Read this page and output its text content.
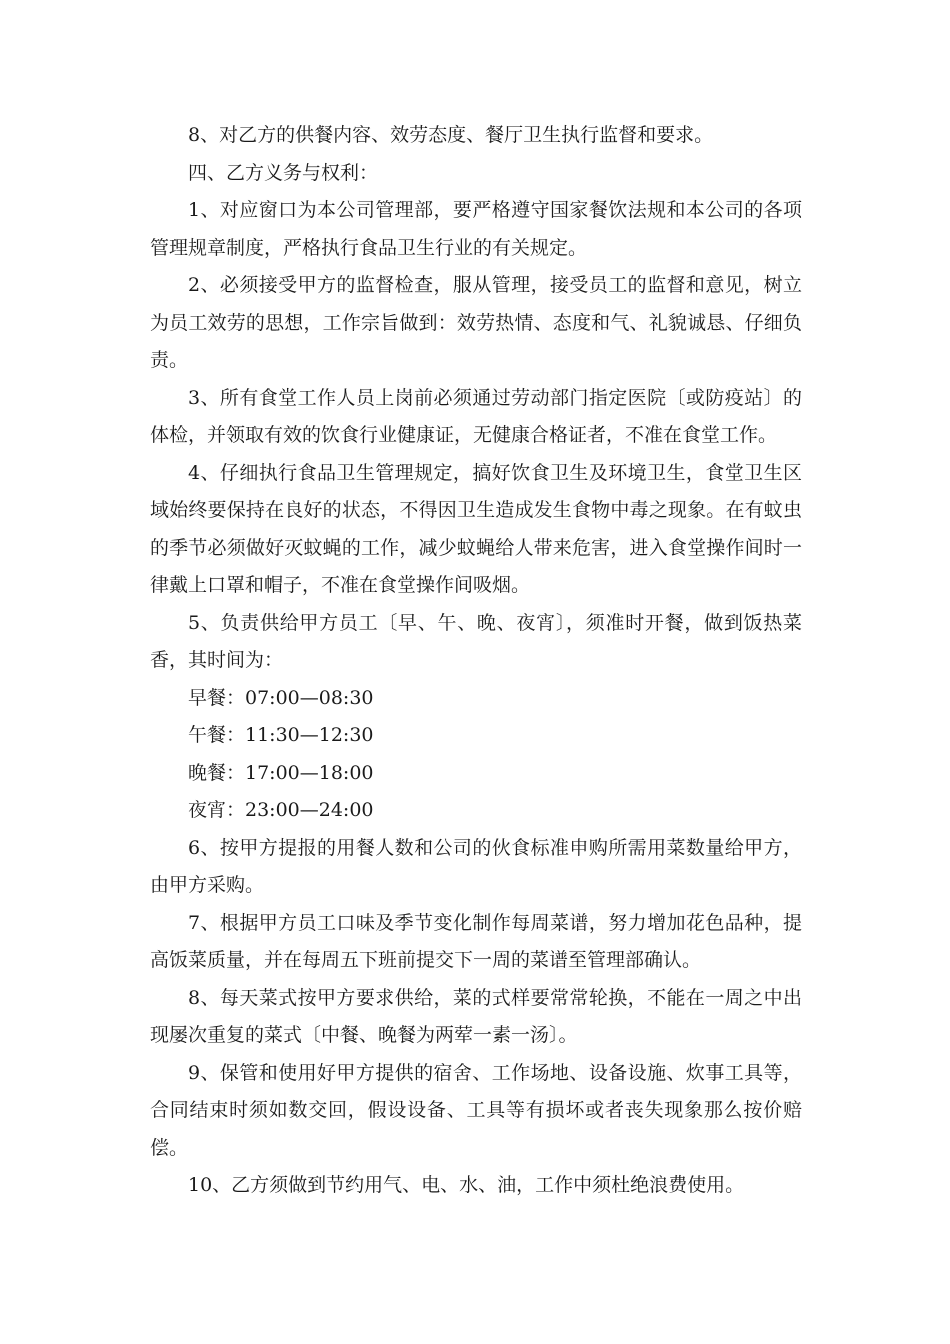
8、对乙方的供餐内容、效劳态度、餐厅卫生执行监督和要求。
四、乙方义务与权利：
1、对应窗口为本公司管理部，要严格遵守国家餐饮法规和本公司的各项
管理规章制度，严格执行食品卫生行业的有关规定。
2、必须接受甲方的监督检查，服从管理，接受员工的监督和意见，树立
为员工效劳的思想，工作宗旨做到：效劳热情、态度和气、礼貌诚恳、仔细负
责。
3、所有食堂工作人员上岗前必须通过劳动部门指定医院〔或防疫站〕的
体检，并领取有效的饮食行业健康证，无健康合格证者，不准在食堂工作。
4、仔细执行食品卫生管理规定，搞好饮食卫生及环境卫生，食堂卫生区
域始终要保持在良好的状态，不得因卫生造成发生食物中毒之现象。在有蚊虫
的季节必须做好灭蚊蝇的工作，减少蚊蝇给人带来危害，进入食堂操作间时一
律戴上口罩和帽子，不准在食堂操作间吸烟。
5、负责供给甲方员工〔早、午、晚、夜宵〕，须准时开餐，做到饭热菜
香，其时间为：
早餐：07:00—08:30
午餐：11:30—12:30
晚餐：17:00—18:00
夜宵：23:00—24:00
6、按甲方提报的用餐人数和公司的伙食标准申购所需用菜数量给甲方，
由甲方采购。
7、根据甲方员工口味及季节变化制作每周菜谱，努力增加花色品种，提
高饭菜质量，并在每周五下班前提交下一周的菜谱至管理部确认。
8、每天菜式按甲方要求供给，菜的式样要常常轮换，不能在一周之中出
现屡次重复的菜式〔中餐、晚餐为两荤一素一汤〕。
9、保管和使用好甲方提供的宿舍、工作场地、设备设施、炊事工具等，
合同结束时须如数交回，假设设备、工具等有损坏或者丧失现象那么按价赔
偿。
10、乙方须做到节约用气、电、水、油，工作中须杜绝浪费使用。
